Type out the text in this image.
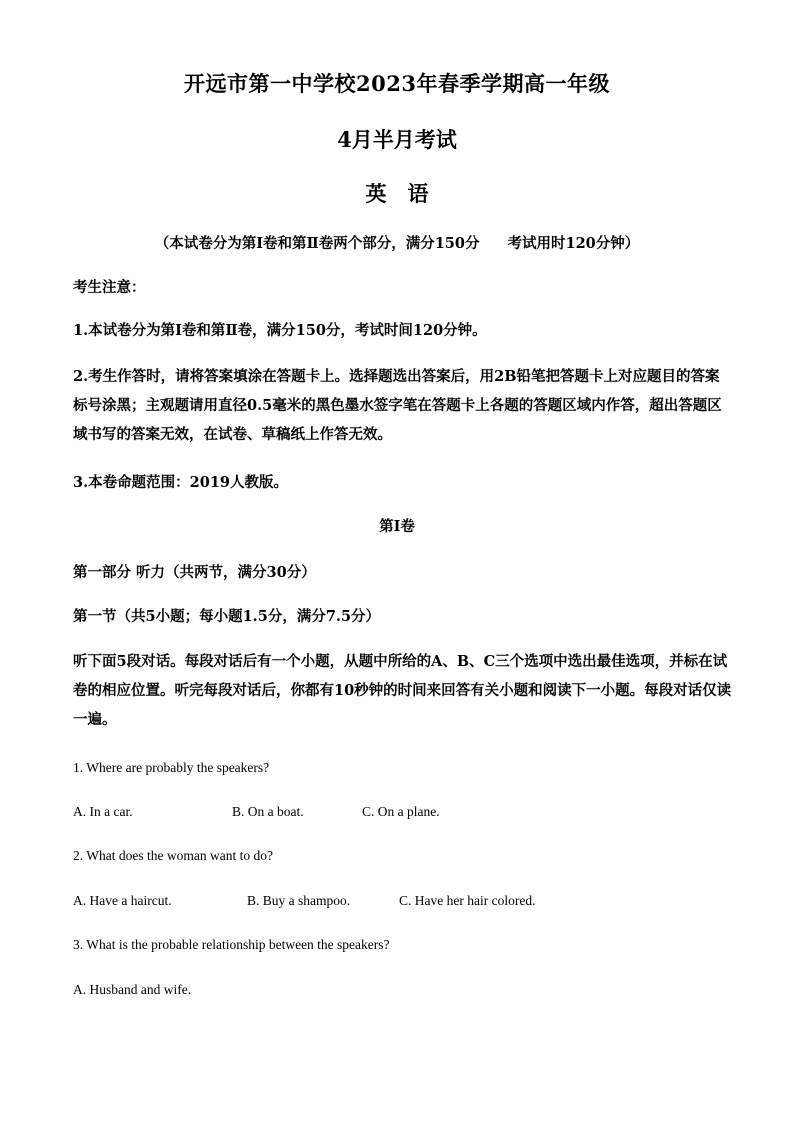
开远市第一中学校2023年春季学期高一年级
4月半月考试
英　语
（本试卷分为第Ⅰ卷和第Ⅱ卷两个部分，满分150分 考试用时120分钟）
考生注意：
1.本试卷分为第Ⅰ卷和第Ⅱ卷，满分150分，考试时间120分钟。
2.考生作答时，请将答案填涂在答题卡上。选择题选出答案后，用2B铅笔把答题卡上对应题目的答案标号涂黑；主观题请用直径0.5毫米的黑色墨水签字笔在答题卡上各题的答题区域内作答，超出答题区域书写的答案无效，在试卷、草稿纸上作答无效。
3.本卷命题范围：2019人教版。
第Ⅰ卷
第一部分 听力（共两节，满分30分）
第一节（共5小题；每小题1.5分，满分7.5分）
听下面5段对话。每段对话后有一个小题，从题中所给的A、B、C三个选项中选出最佳选项，并标在试卷的相应位置。听完每段对话后，你都有10秒钟的时间来回答有关小题和阅读下一小题。每段对话仅读一遍。
1. Where are probably the speakers?
A. In a car.	B. On a boat.	C. On a plane.
2. What does the woman want to do?
A. Have a haircut.	B. Buy a shampoo.	C. Have her hair colored.
3. What is the probable relationship between the speakers?
A. Husband and wife.
